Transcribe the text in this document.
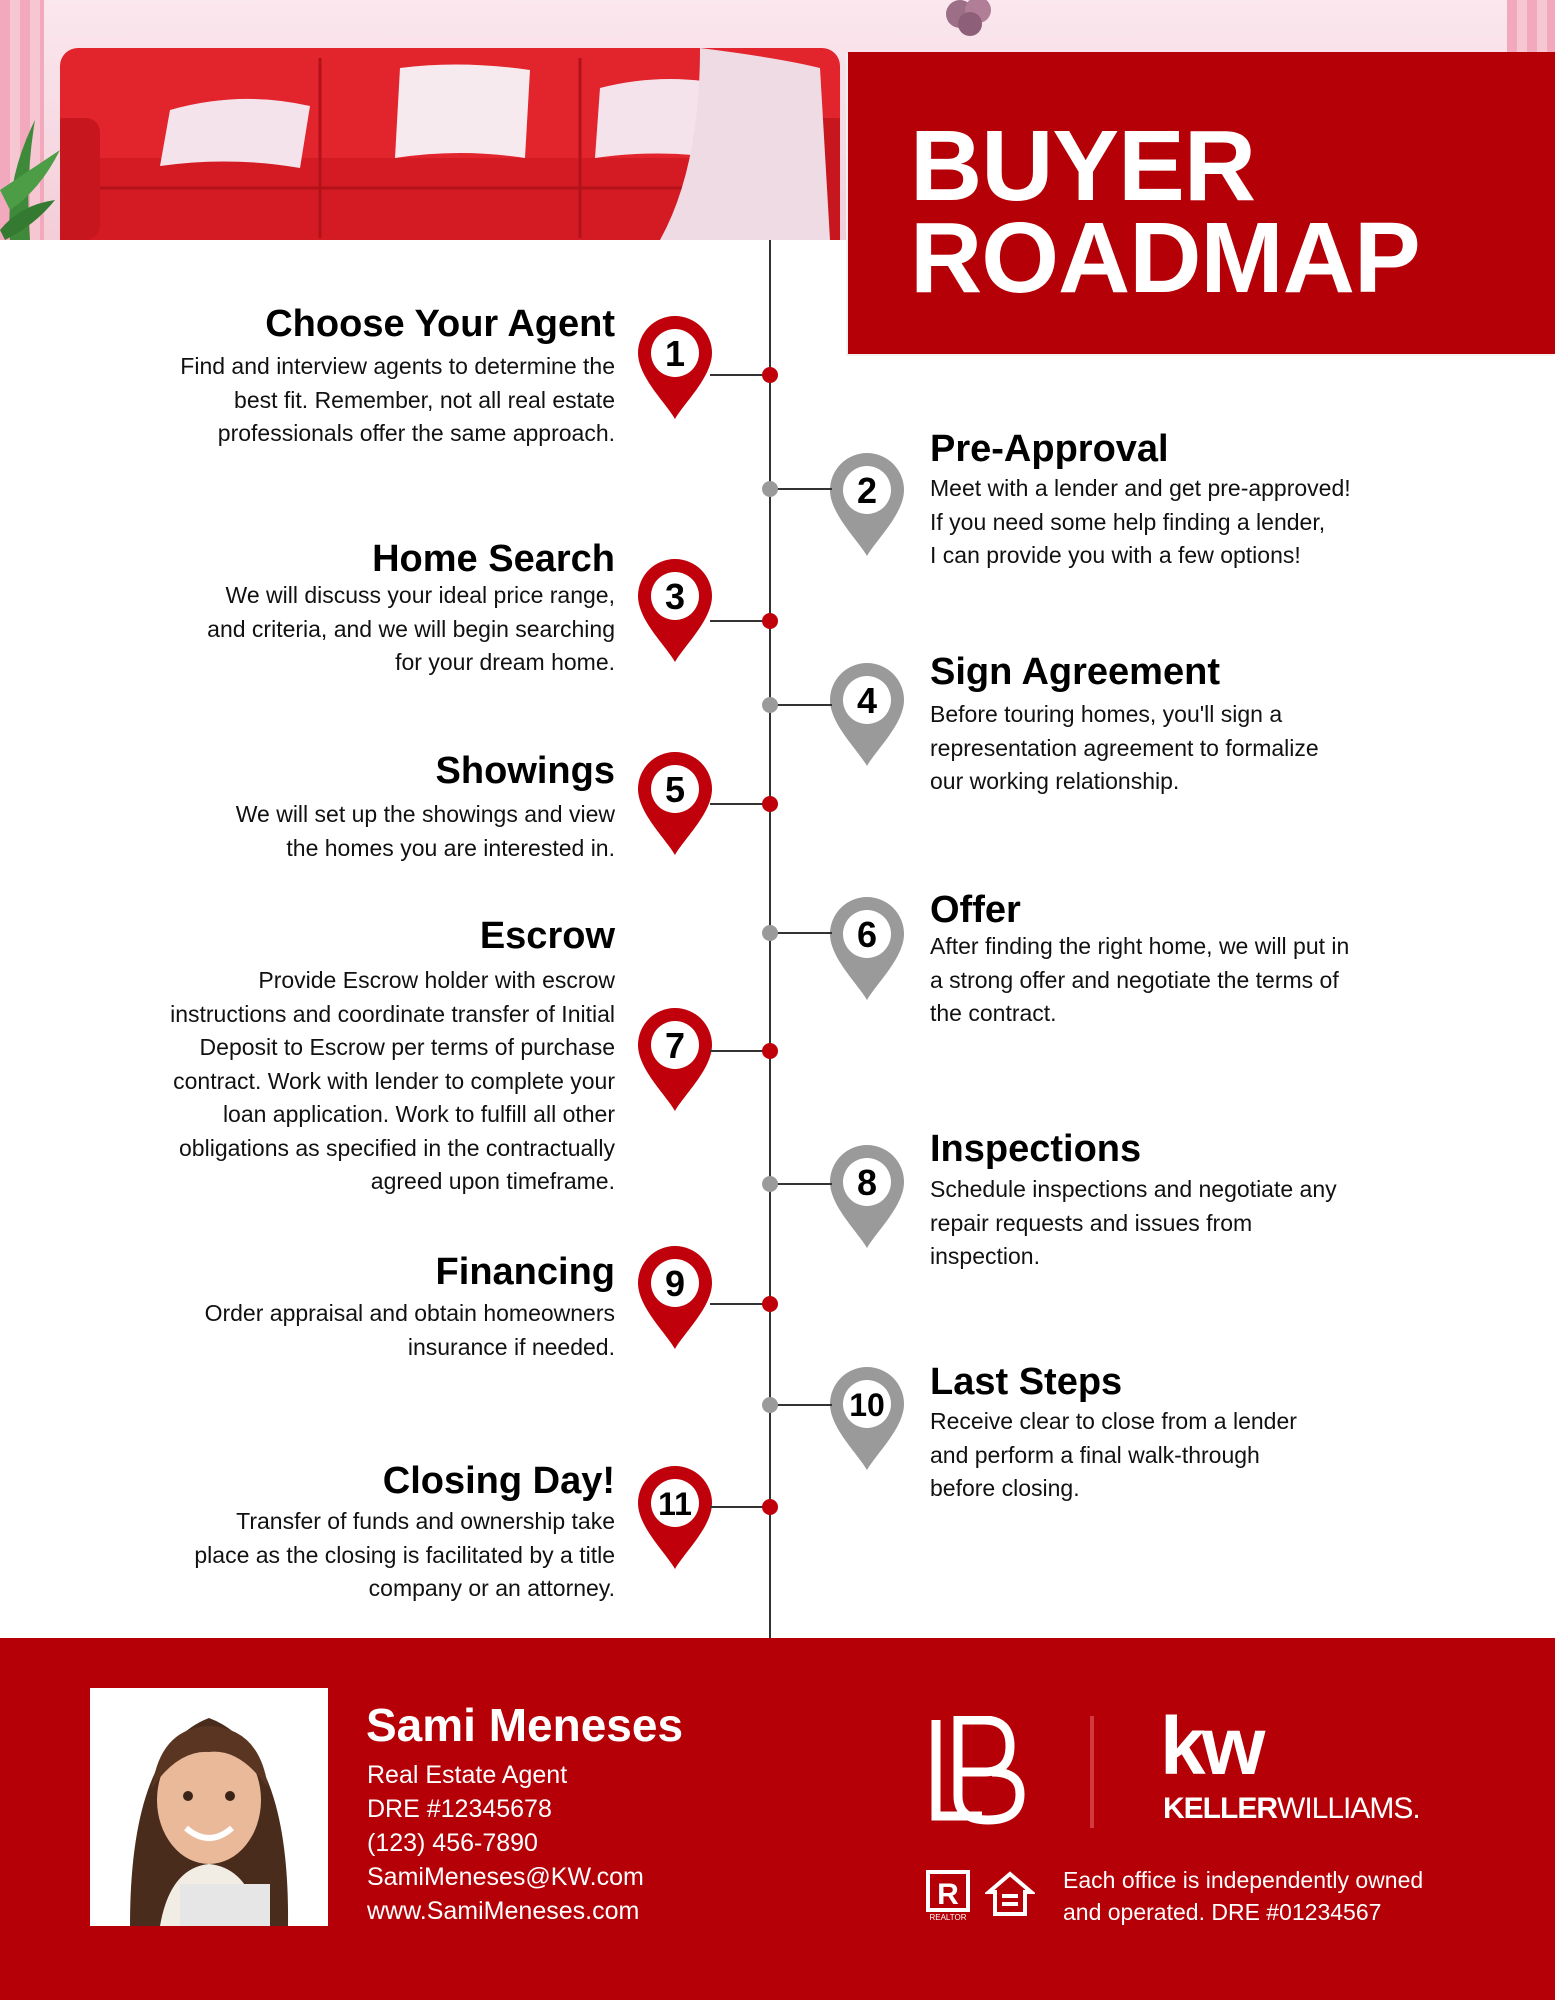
BUYER
ROADMAP
1
Choose Your Agent
Find and interview agents to determine the
best fit. Remember, not all real estate
professionals offer the same approach.
2
Pre-Approval
Meet with a lender and get pre-approved!
If you need some help finding a lender,
I can provide you with a few options!
3
Home Search
We will discuss your ideal price range,
and criteria, and we will begin searching
for your dream home.
4
Sign Agreement
Before touring homes, you'll sign a
representation agreement to formalize
our working relationship.
5
Showings
We will set up the showings and view
the homes you are interested in.
6
Offer
After finding the right home, we will put in
a strong offer and negotiate the terms of
the contract.
7
Escrow
Provide Escrow holder with escrow
instructions and coordinate transfer of Initial
Deposit to Escrow per terms of purchase
contract. Work with lender to complete your
loan application. Work to fulfill all other
obligations as specified in the contractually
agreed upon timeframe.	8
Inspections
Schedule inspections and negotiate any
repair requests and issues from
inspection.
9
Financing
Order appraisal and obtain homeowners
insurance if needed.
10
Last Steps
Receive clear to close from a lender
and perform a final walk-through
before closing.
11
Closing Day!
Transfer of funds and ownership take
place as the closing is facilitated by a title
company or an attorney.
Sami Meneses
Real Estate Agent
DRE #12345678
(123) 456-7890
SamiMeneses@KW.com
www.SamiMeneses.com
kw
KELLERWILLIAMS.
R
REALTOR
Each office is independently owned
and operated. DRE #01234567
